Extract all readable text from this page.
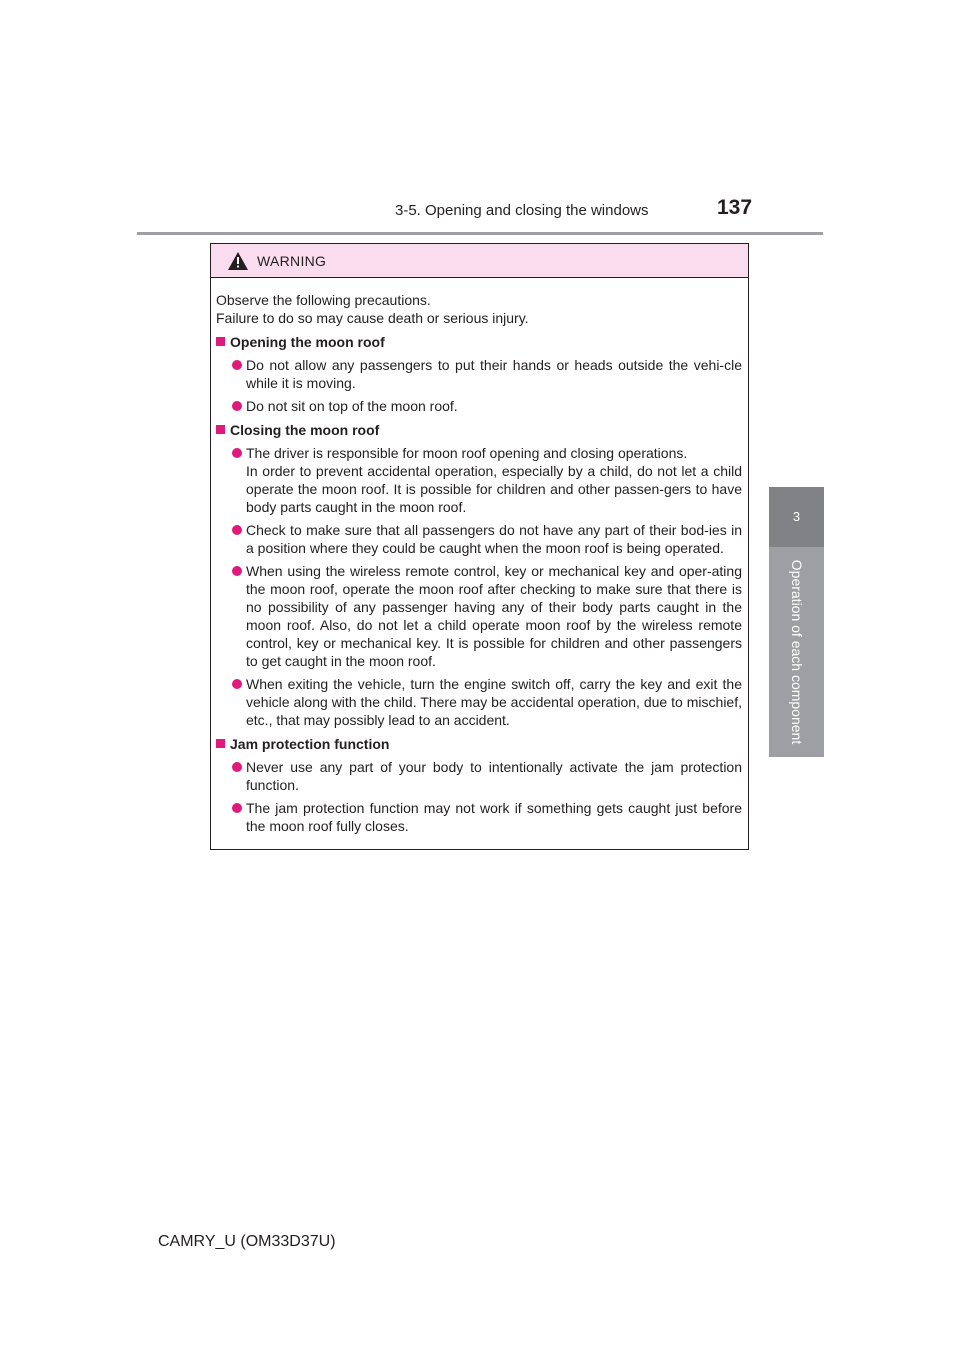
3-5. Opening and closing the windows	137
3
Operation of each component
WARNING

Observe the following precautions.

Failure to do so may cause death or serious injury.

Opening the moon roof

Do not allow any passengers to put their hands or heads outside the vehi-cle while it is moving.

Do not sit on top of the moon roof.

Closing the moon roof

The driver is responsible for moon roof opening and closing operations.

In order to prevent accidental operation, especially by a child, do not let a child operate the moon roof. It is possible for children and other passen-gers to have body parts caught in the moon roof.

Check to make sure that all passengers do not have any part of their bod-ies in a position where they could be caught when the moon roof is being operated.

When using the wireless remote control, key or mechanical key and oper-ating the moon roof, operate the moon roof after checking to make sure that there is no possibility of any passenger having any of their body parts caught in the moon roof. Also, do not let a child operate moon roof by the wireless remote control, key or mechanical key. It is possible for children and other passengers to get caught in the moon roof.

When exiting the vehicle, turn the engine switch off, carry the key and exit the vehicle along with the child. There may be accidental operation, due to mischief, etc., that may possibly lead to an accident.

Jam protection function

Never use any part of your body to intentionally activate the jam protection function.

The jam protection function may not work if something gets caught just before the moon roof fully closes.

CAMRY_U (OM33D37U)
